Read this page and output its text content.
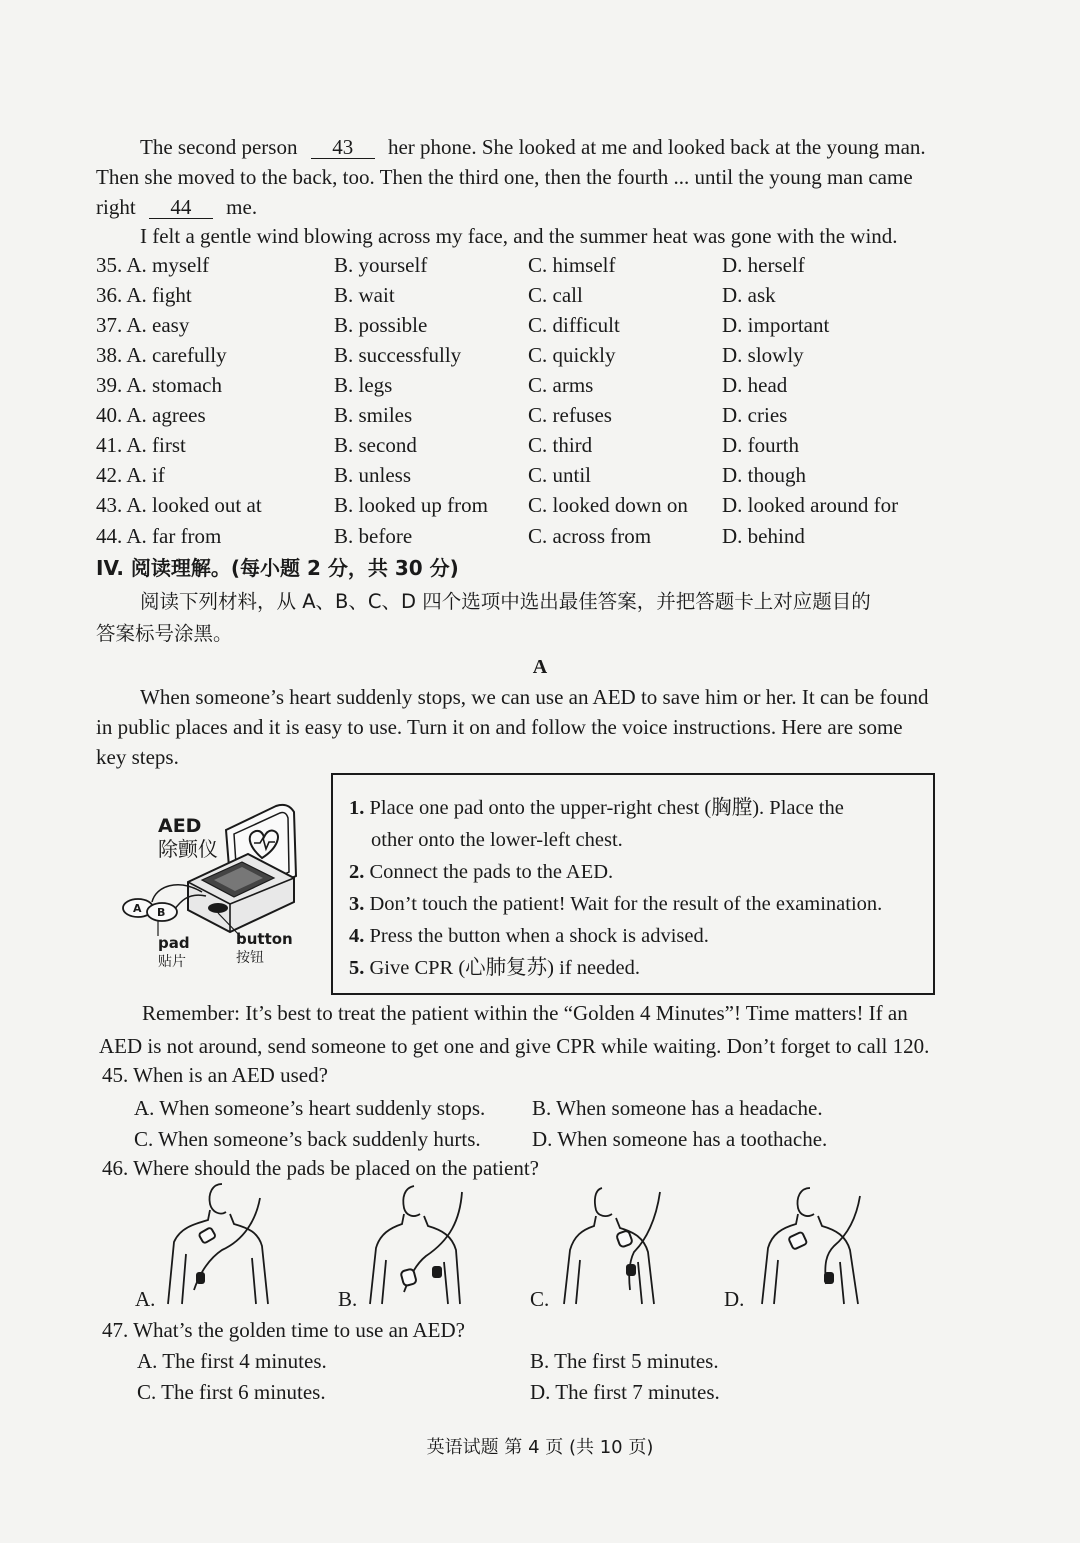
The second person 43 her phone. She looked at me and looked back at the young man.
Then she moved to the back, too. Then the third one, then the fourth ... until the young man came
right 44 me.
I felt a gentle wind blowing across my face, and the summer heat was gone with the wind.
35. A. myself	B. yourself	C. himself	D. herself
36. A. fight	B. wait	C. call	D. ask
37. A. easy	B. possible	C. difficult	D. important
38. A. carefully	B. successfully	C. quickly	D. slowly
39. A. stomach	B. legs	C. arms	D. head
40. A. agrees	B. smiles	C. refuses	D. cries
41. A. first	B. second	C. third	D. fourth
42. A. if	B. unless	C. until	D. though
43. A. looked out at	B. looked up from C. looked down on D. looked around for
44. A. far from	B. before	C. across from	D. behind
IV. 阅读理解。(每小题 2 分，共 30 分)
阅读下列材料，从 A、B、C、D 四个选项中选出最佳答案，并把答题卡上对应题目的
答案标号涂黑。
A
When someone’s heart suddenly stops, we can use an AED to save him or her. It can be found
in public places and it is easy to use. Turn it on and follow the voice instructions. Here are some
key steps.
A B
AED
除颤仪
pad
贴片
button
按钮
1. Place one pad onto the upper-right chest (胸膛). Place the
other onto the lower-left chest.
2. Connect the pads to the AED.
3. Don’t touch the patient! Wait for the result of the examination.
4. Press the button when a shock is advised.
5. Give CPR (心肺复苏) if needed.
Remember: It’s best to treat the patient within the “Golden 4 Minutes”! Time matters! If an
AED is not around, send someone to get one and give CPR while waiting. Don’t forget to call 120.
45. When is an AED used?
A. When someone’s heart suddenly stops. B. When someone has a headache.
C. When someone’s back suddenly hurts. D. When someone has a toothache.
46. Where should the pads be placed on the patient?
A.	B.	C.	D.
47. What’s the golden time to use an AED?
A. The first 4 minutes.	B. The first 5 minutes.
C. The first 6 minutes.	D. The first 7 minutes.
英语试题 第 4 页 (共 10 页)
